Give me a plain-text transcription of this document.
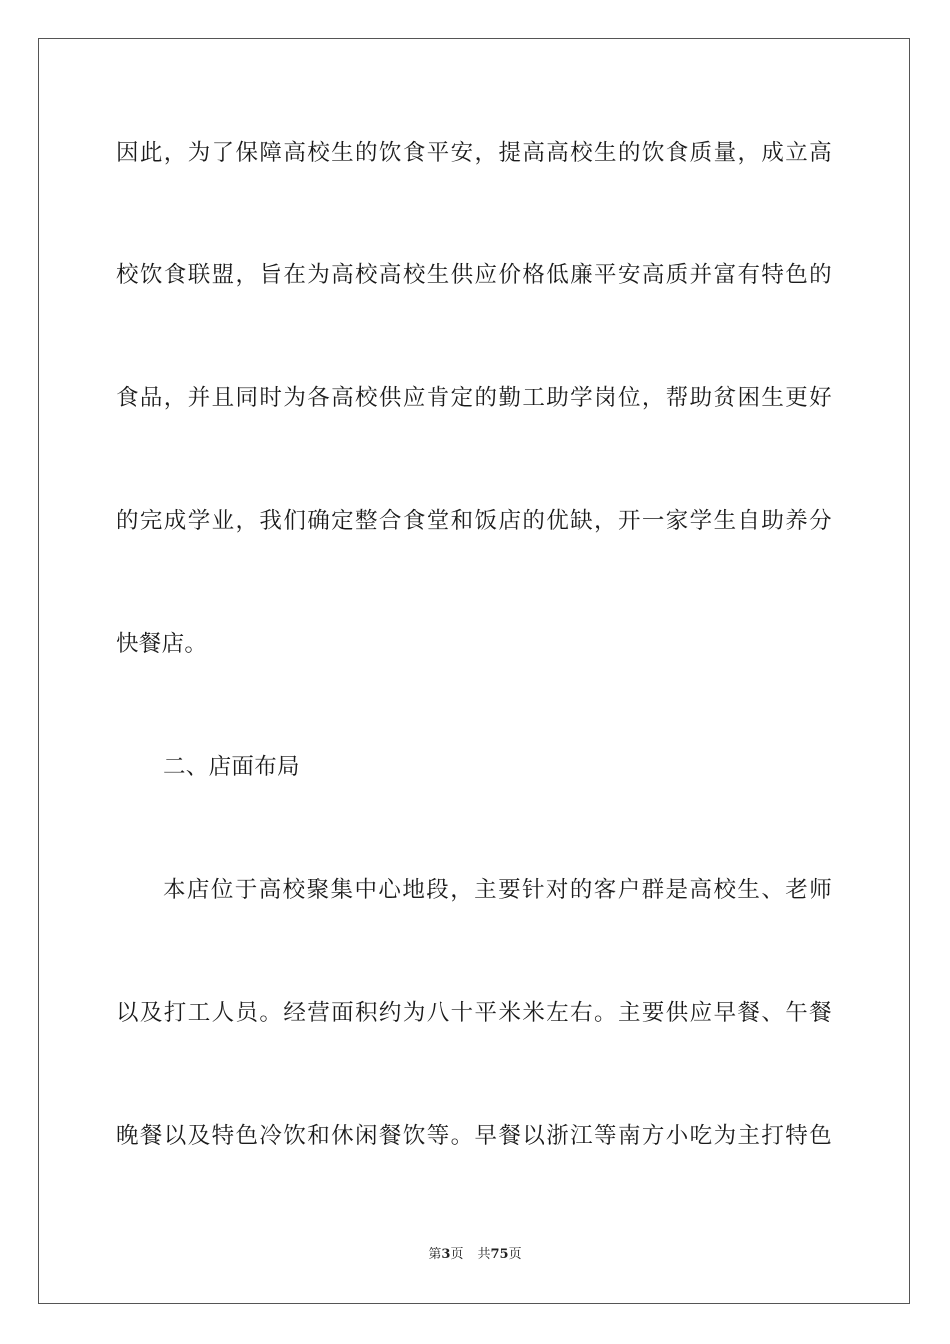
因此，为了保障高校生的饮食平安，提高高校生的饮食质量，成立高
校饮食联盟，旨在为高校高校生供应价格低廉平安高质并富有特色的
食品，并且同时为各高校供应肯定的勤工助学岗位，帮助贫困生更好
的完成学业，我们确定整合食堂和饭店的优缺，开一家学生自助养分
快餐店。
二、店面布局
本店位于高校聚集中心地段，主要针对的客户群是高校生、老师
以及打工人员。经营面积约为八十平米米左右。主要供应早餐、午餐
晚餐以及特色冷饮和休闲餐饮等。早餐以浙江等南方小吃为主打特色
第3页 共75页
